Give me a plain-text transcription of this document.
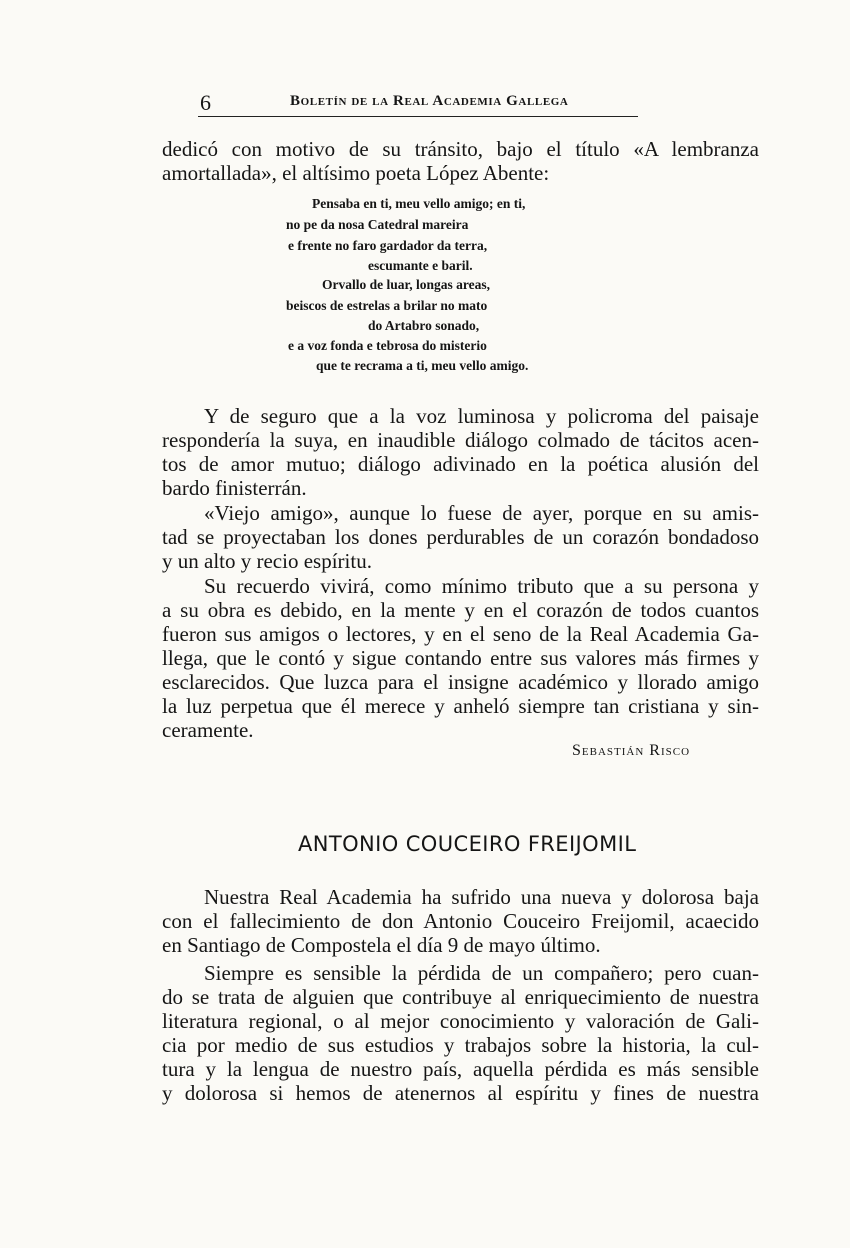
6	Boletín de la Real Academia Gallega
dedicó con motivo de su tránsito, bajo el título «A lembranza
amortallada», el altísimo poeta López Abente:
Pensaba en ti, meu vello amigo; en ti,
no pe da nosa Catedral mareira
e frente no faro gardador da terra,
escumante e baril.
Orvallo de luar, longas areas,
beiscos de estrelas a brilar no mato
do Artabro sonado,
e a voz fonda e tebrosa do misterio
que te recrama a ti, meu vello amigo.
Y de seguro que a la voz luminosa y policroma del paisaje
respondería la suya, en inaudible diálogo colmado de tácitos acen-
tos de amor mutuo; diálogo adivinado en la poética alusión del
bardo finisterrán.
«Viejo amigo», aunque lo fuese de ayer, porque en su amis-
tad se proyectaban los dones perdurables de un corazón bondadoso
y un alto y recio espíritu.
Su recuerdo vivirá, como mínimo tributo que a su persona y
a su obra es debido, en la mente y en el corazón de todos cuantos
fueron sus amigos o lectores, y en el seno de la Real Academia Ga-
llega, que le contó y sigue contando entre sus valores más firmes y
esclarecidos. Que luzca para el insigne académico y llorado amigo
la luz perpetua que él merece y anheló siempre tan cristiana y sin-
ceramente.
Sebastián Risco
ANTONIO COUCEIRO FREIJOMIL
Nuestra Real Academia ha sufrido una nueva y dolorosa baja
con el fallecimiento de don Antonio Couceiro Freijomil, acaecido
en Santiago de Compostela el día 9 de mayo último.
Siempre es sensible la pérdida de un compañero; pero cuan-
do se trata de alguien que contribuye al enriquecimiento de nuestra
literatura regional, o al mejor conocimiento y valoración de Gali-
cia por medio de sus estudios y trabajos sobre la historia, la cul-
tura y la lengua de nuestro país, aquella pérdida es más sensible
y dolorosa si hemos de atenernos al espíritu y fines de nuestra
